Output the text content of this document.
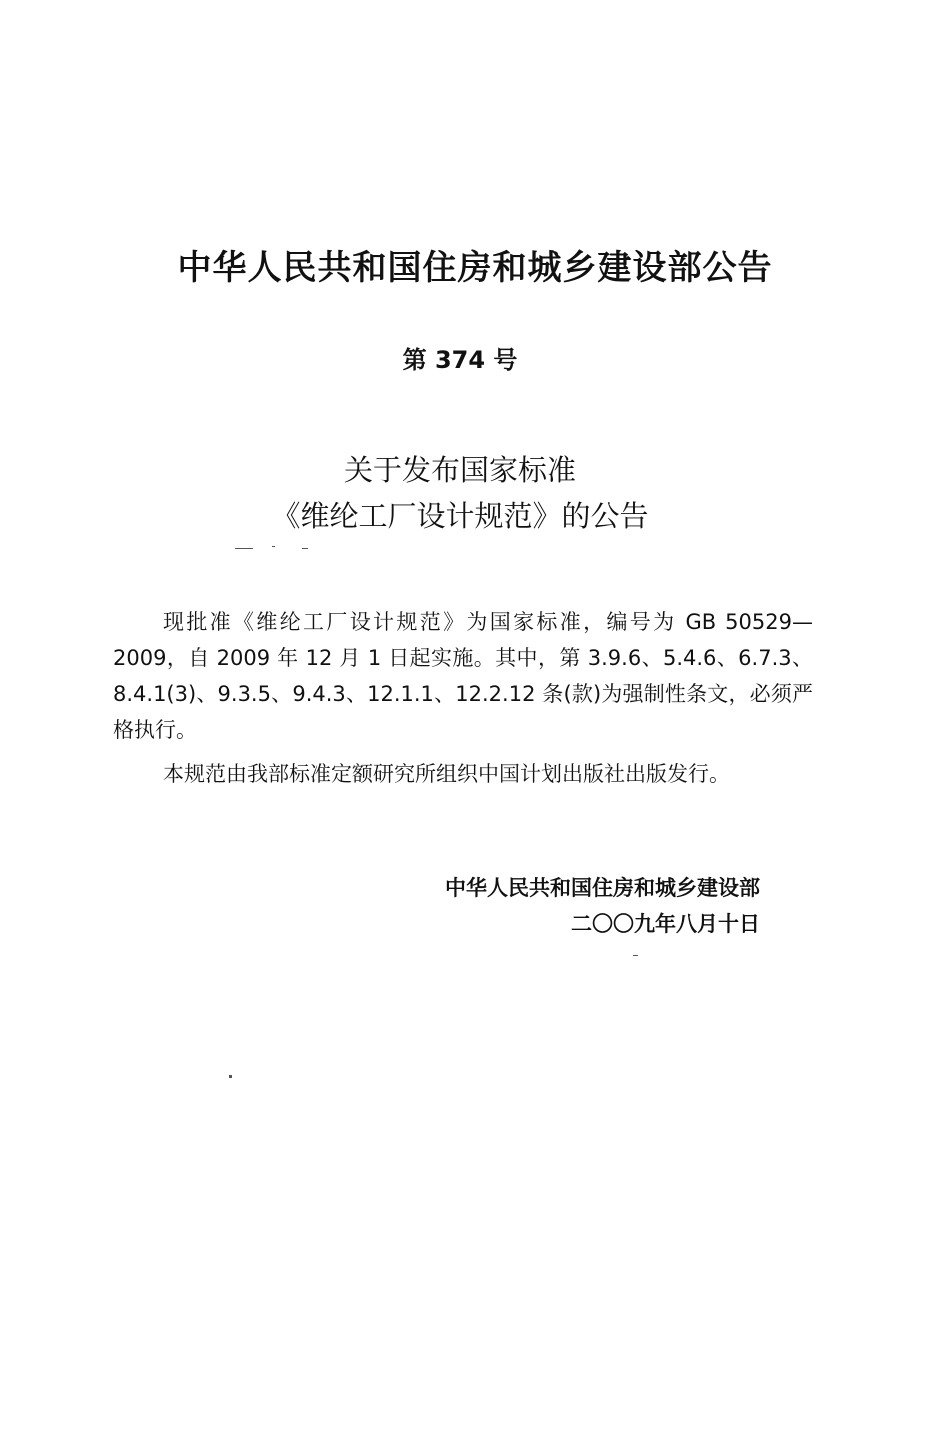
中华人民共和国住房和城乡建设部公告
第 374 号
关于发布国家标准
《维纶工厂设计规范》的公告

现批准《维纶工厂设计规范》为国家标准，编号为 GB 50529—2009，自 2009 年 12 月 1 日起实施。其中，第 3.9.6、5.4.6、6.7.3、8.4.1(3)、9.3.5、9.4.3、12.1.1、12.2.12 条(款)为强制性条文，必须严格执行。

本规范由我部标准定额研究所组织中国计划出版社出版发行。

中华人民共和国住房和城乡建设部
二〇〇九年八月十日
